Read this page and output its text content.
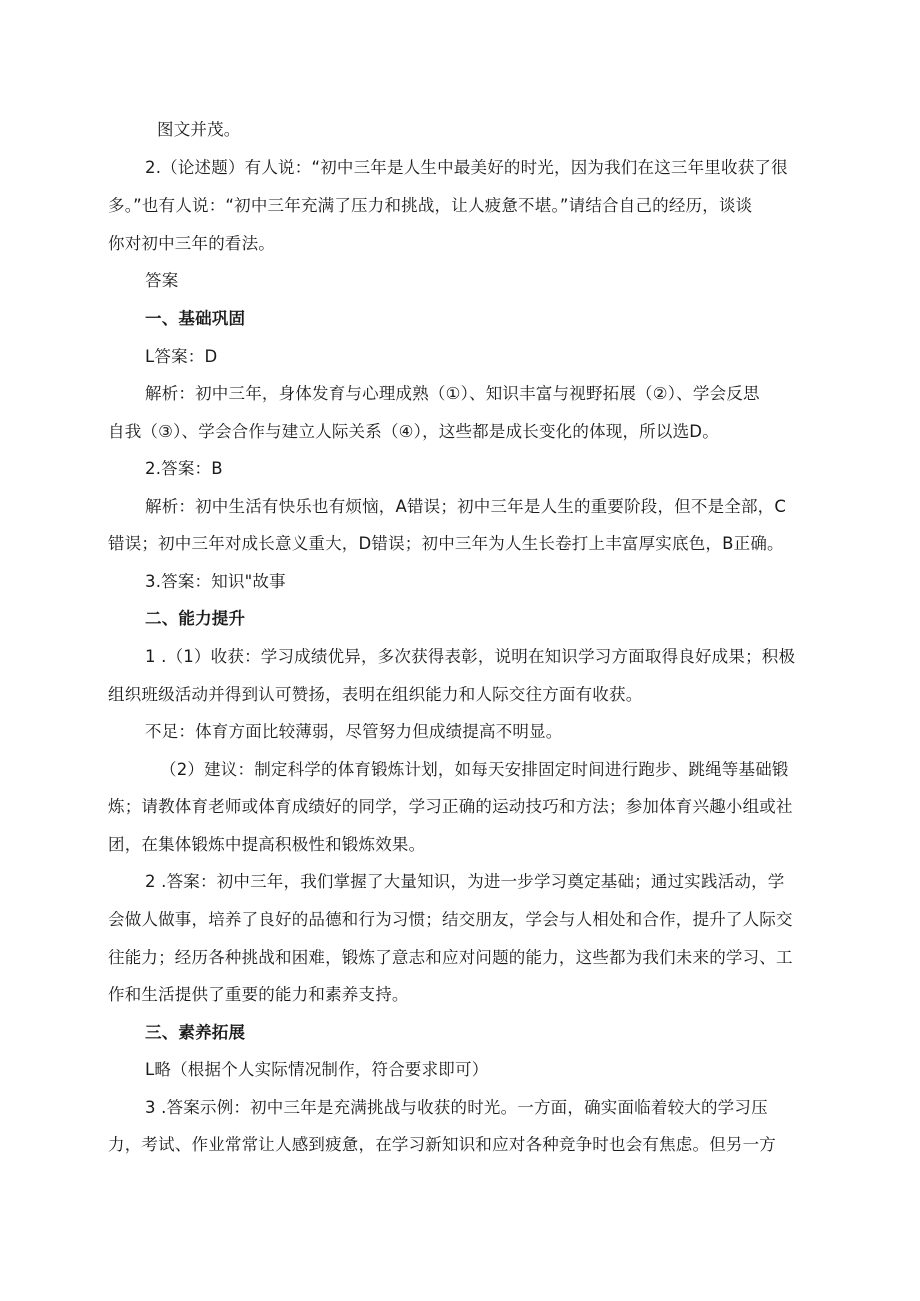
图文并茂。
2.（论述题）有人说：“初中三年是人生中最美好的时光，因为我们在这三年里收获了很
多。”也有人说：“初中三年充满了压力和挑战，让人疲惫不堪。”请结合自己的经历，谈谈
你对初中三年的看法。
答案
一、基础巩固
L答案：D
解析：初中三年，身体发育与心理成熟（①）、知识丰富与视野拓展（②）、学会反思
自我（③）、学会合作与建立人际关系（④），这些都是成长变化的体现，所以选D。
2.答案：B
解析：初中生活有快乐也有烦恼，A错误；初中三年是人生的重要阶段，但不是全部，C
错误；初中三年对成长意义重大，D错误；初中三年为人生长卷打上丰富厚实底色，B正确。
3.答案：知识"故事
二、能力提升
1 .（1）收获：学习成绩优异，多次获得表彰，说明在知识学习方面取得良好成果；积极
组织班级活动并得到认可赞扬，表明在组织能力和人际交往方面有收获。
不足：体育方面比较薄弱，尽管努力但成绩提高不明显。
（2）建议：制定科学的体育锻炼计划，如每天安排固定时间进行跑步、跳绳等基础锻
炼；请教体育老师或体育成绩好的同学，学习正确的运动技巧和方法；参加体育兴趣小组或社
团，在集体锻炼中提高积极性和锻炼效果。
2 .答案：初中三年，我们掌握了大量知识，为进一步学习奠定基础；通过实践活动，学
会做人做事，培养了良好的品德和行为习惯；结交朋友，学会与人相处和合作，提升了人际交
往能力；经历各种挑战和困难，锻炼了意志和应对问题的能力，这些都为我们未来的学习、工
作和生活提供了重要的能力和素养支持。
三、素养拓展
L略（根据个人实际情况制作，符合要求即可）
3 .答案示例：初中三年是充满挑战与收获的时光。一方面，确实面临着较大的学习压
力，考试、作业常常让人感到疲惫，在学习新知识和应对各种竞争时也会有焦虑。但另一方
